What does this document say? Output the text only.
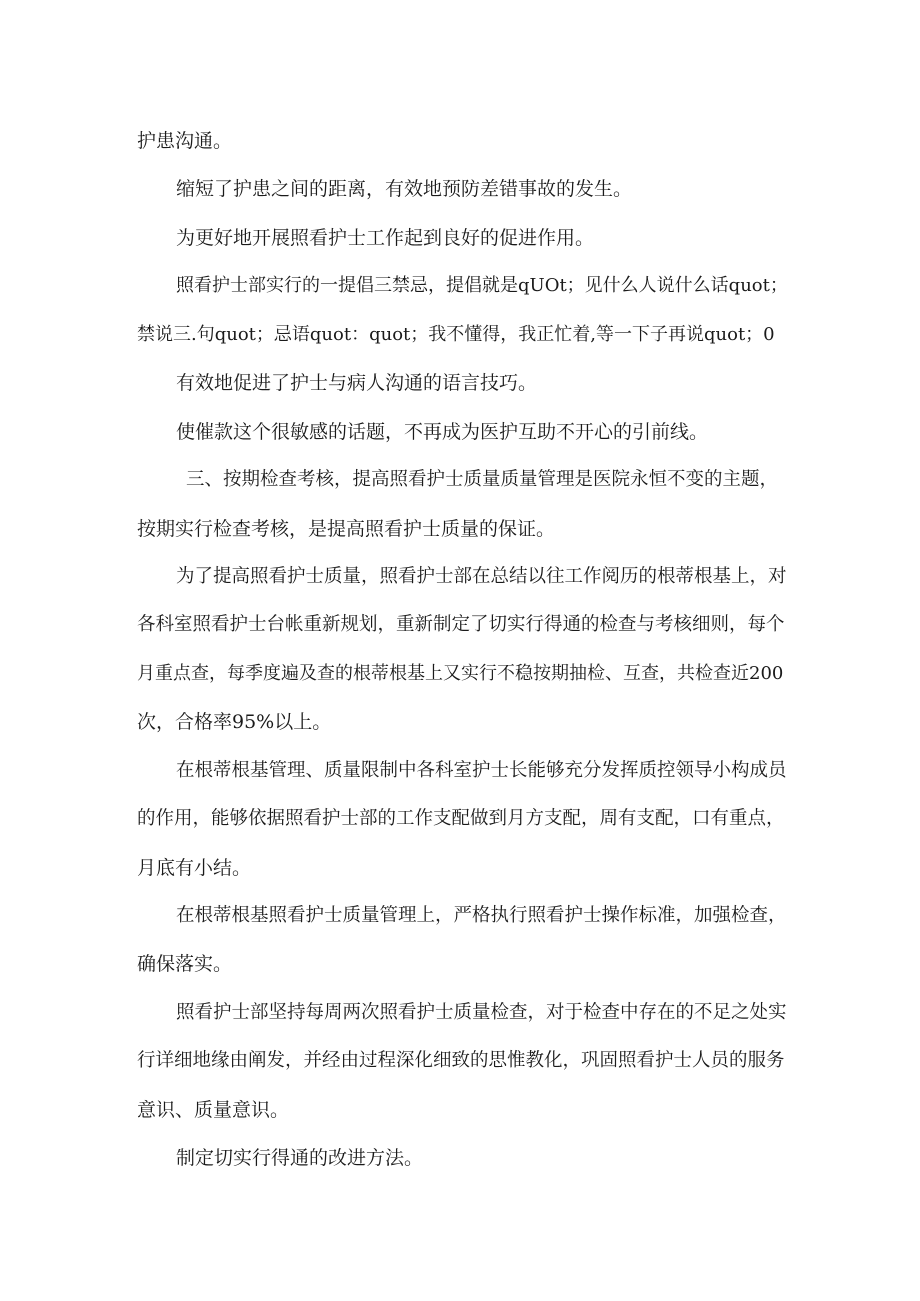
护患沟通。
缩短了护患之间的距离，有效地预防差错事故的发生。
为更好地开展照看护士工作起到良好的促进作用。
照看护士部实行的一提倡三禁忌，提倡就是qUOt；见什么人说什么话quot；
禁说三.句quot；忌语quot：quot；我不懂得，我正忙着,等一下子再说quot；0
有效地促进了护士与病人沟通的语言技巧。
使催款这个很敏感的话题，不再成为医护互助不开心的引前线。
三、按期检查考核，提高照看护士质量质量管理是医院永恒不变的主题，
按期实行检查考核，是提高照看护士质量的保证。
为了提高照看护士质量，照看护士部在总结以往工作阅历的根蒂根基上，对
各科室照看护士台帐重新规划，重新制定了切实行得通的检查与考核细则，每个
月重点查，每季度遍及查的根蒂根基上又实行不稳按期抽检、互查，共检查近200
次，合格率95%以上。
在根蒂根基管理、质量限制中各科室护士长能够充分发挥质控领导小构成员
的作用，能够依据照看护士部的工作支配做到月方支配，周有支配，口有重点，
月底有小结。
在根蒂根基照看护士质量管理上，严格执行照看护士操作标准，加强检查，
确保落实。
照看护士部坚持每周两次照看护士质量检查，对于检查中存在的不足之处实
行详细地缘由阐发，并经由过程深化细致的思惟教化，巩固照看护士人员的服务
意识、质量意识。
制定切实行得通的改进方法。
